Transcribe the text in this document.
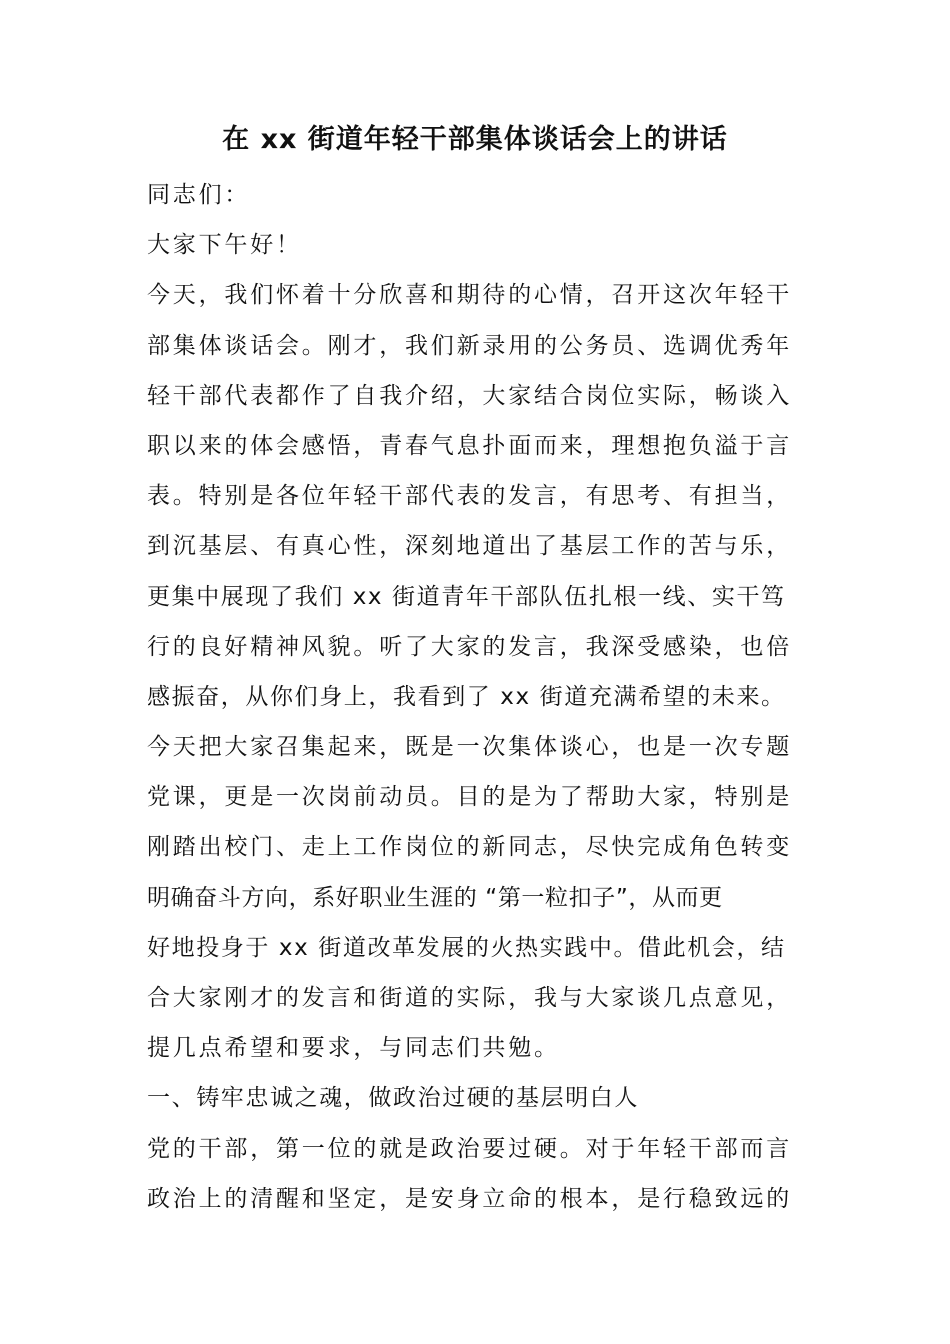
在 xx 街道年轻干部集体谈话会上的讲话
同志们：
大家下午好！
今天，我们怀着十分欣喜和期待的心情，召开这次年轻干
部集体谈话会。刚才，我们新录用的公务员、选调优秀年
轻干部代表都作了自我介绍，大家结合岗位实际，畅谈入
职以来的体会感悟，青春气息扑面而来，理想抱负溢于言
表。特别是各位年轻干部代表的发言，有思考、有担当，
到沉基层、有真心性，深刻地道出了基层工作的苦与乐，
更集中展现了我们 xx 街道青年干部队伍扎根一线、实干笃
行的良好精神风貌。听了大家的发言，我深受感染，也倍
感振奋，从你们身上，我看到了 xx 街道充满希望的未来。
今天把大家召集起来，既是一次集体谈心，也是一次专题
党课，更是一次岗前动员。目的是为了帮助大家，特别是
刚踏出校门、走上工作岗位的新同志，尽快完成角色转变
明确奋斗方向，系好职业生涯的 “第一粒扣子”，从而更
好地投身于 xx 街道改革发展的火热实践中。借此机会，结
合大家刚才的发言和街道的实际，我与大家谈几点意见，
提几点希望和要求，与同志们共勉。
一、铸牢忠诚之魂，做政治过硬的基层明白人
党的干部，第一位的就是政治要过硬。对于年轻干部而言
政治上的清醒和坚定，是安身立命的根本，是行稳致远的
